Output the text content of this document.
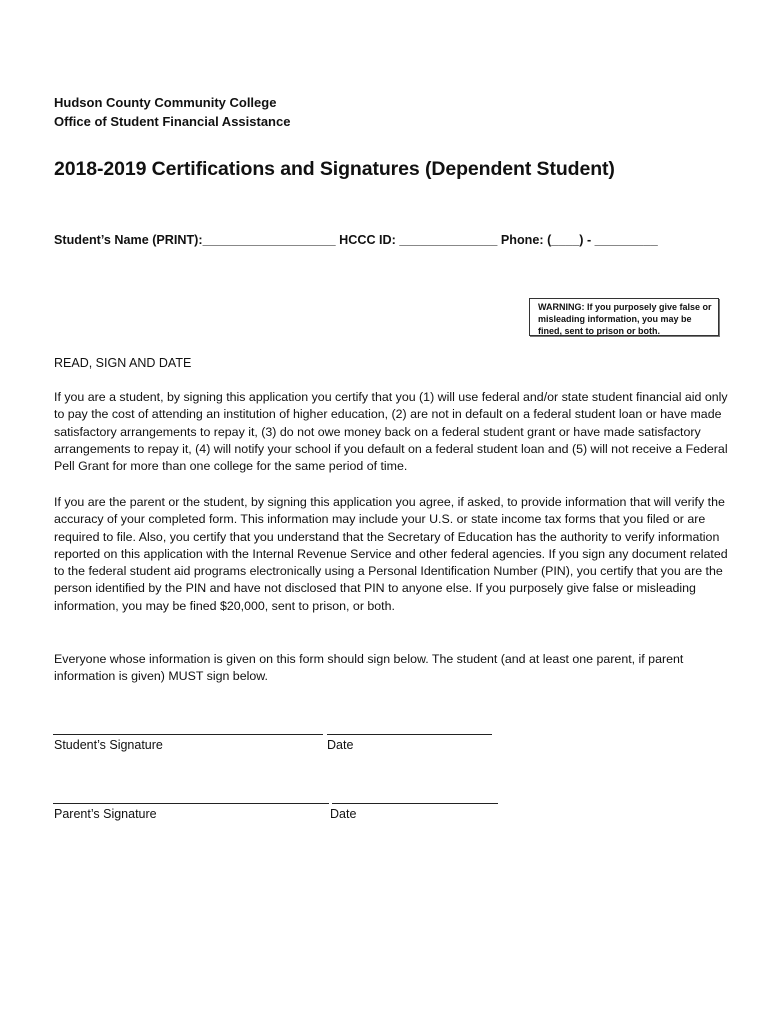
Hudson County Community College
Office of Student Financial Assistance
2018-2019 Certifications and Signatures (Dependent Student)
Student’s Name (PRINT):___________________ HCCC ID: ______________ Phone: (____) - _________
WARNING: If you purposely give false or misleading information, you may be fined, sent to prison or both.
READ, SIGN AND DATE

If you are a student, by signing this application you certify that you (1) will use federal and/or state student financial aid only to pay the cost of attending an institution of higher education, (2) are not in default on a federal student loan or have made satisfactory arrangements to repay it, (3) do not owe money back on a federal student grant or have made satisfactory arrangements to repay it, (4) will notify your school if you default on a federal student loan and (5) will not receive a Federal Pell Grant for more than one college for the same period of time.

If you are the parent or the student, by signing this application you agree, if asked, to provide information that will verify the accuracy of your completed form. This information may include your U.S. or state income tax forms that you filed or are required to file. Also, you certify that you understand that the Secretary of Education has the authority to verify information reported on this application with the Internal Revenue Service and other federal agencies. If you sign any document related to the federal student aid programs electronically using a Personal Identification Number (PIN), you certify that you are the person identified by the PIN and have not disclosed that PIN to anyone else. If you purposely give false or misleading information, you may be fined $20,000, sent to prison, or both.

Everyone whose information is given on this form should sign below. The student (and at least one parent, if parent information is given) MUST sign below.

Student’s Signature	Date
Parent’s Signature	Date
